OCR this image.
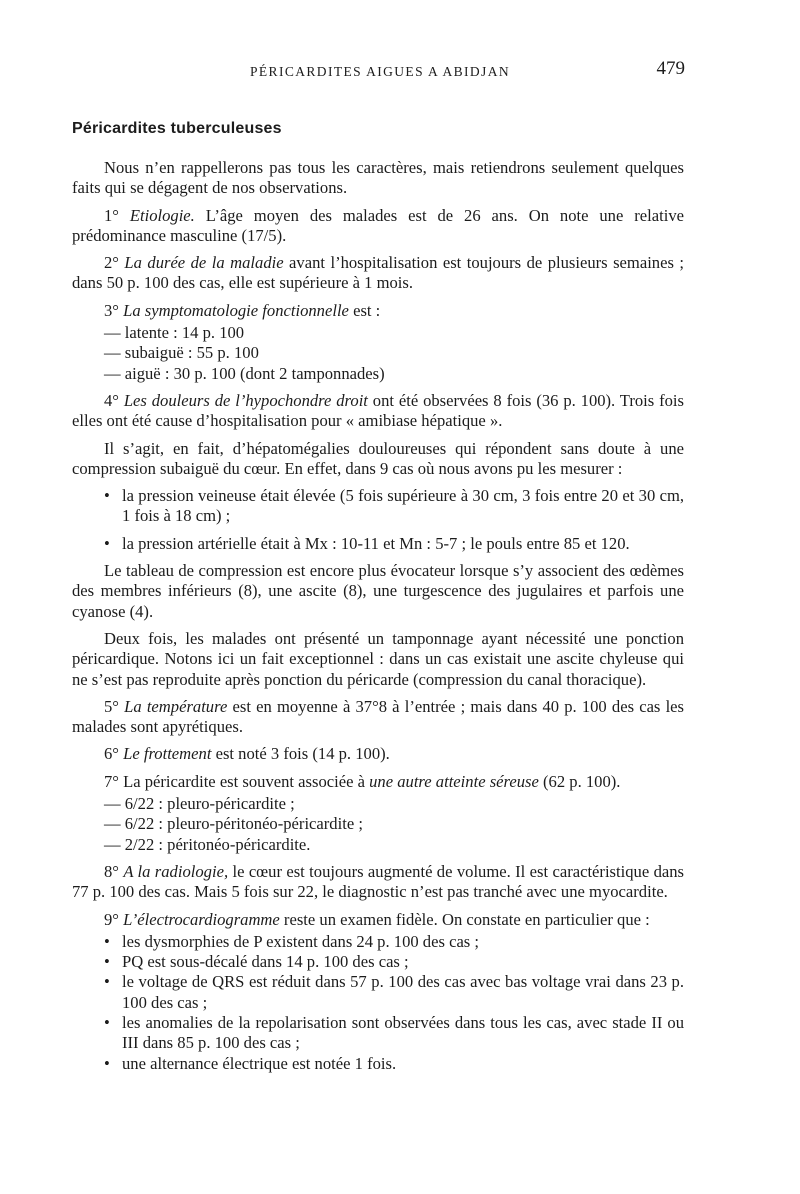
PÉRICARDITES AIGUES A ABIDJAN	479
Péricardites tuberculeuses

Nous n’en rappellerons pas tous les caractères, mais retiendrons seulement quelques faits qui se dégagent de nos observations.

1° Etiologie. L’âge moyen des malades est de 26 ans. On note une relative prédominance masculine (17/5).

2° La durée de la maladie avant l’hospitalisation est toujours de plusieurs semaines ; dans 50 p. 100 des cas, elle est supérieure à 1 mois.

3° La symptomatologie fonctionnelle est :

— latente : 14 p. 100
— subaiguë : 55 p. 100
— aiguë : 30 p. 100 (dont 2 tamponnades)

4° Les douleurs de l’hypochondre droit ont été observées 8 fois (36 p. 100). Trois fois elles ont été cause d’hospitalisation pour « amibiase hépatique ».

Il s’agit, en fait, d’hépatomégalies douloureuses qui répondent sans doute à une compression subaiguë du cœur. En effet, dans 9 cas où nous avons pu les mesurer :

• la pression veineuse était élevée (5 fois supérieure à 30 cm, 3 fois entre 20 et 30 cm, 1 fois à 18 cm) ;
• la pression artérielle était à Mx : 10-11 et Mn : 5-7 ; le pouls entre 85 et 120.

Le tableau de compression est encore plus évocateur lorsque s’y associent des œdèmes des membres inférieurs (8), une ascite (8), une turgescence des jugulaires et parfois une cyanose (4).

Deux fois, les malades ont présenté un tamponnage ayant nécessité une ponction péricardique. Notons ici un fait exceptionnel : dans un cas existait une ascite chyleuse qui ne s’est pas reproduite après ponction du péricarde (compression du canal thoracique).

5° La température est en moyenne à 37°8 à l’entrée ; mais dans 40 p. 100 des cas les malades sont apyrétiques.

6° Le frottement est noté 3 fois (14 p. 100).

7° La péricardite est souvent associée à une autre atteinte séreuse (62 p. 100).

— 6/22 : pleuro-péricardite ;
— 6/22 : pleuro-péritonéo-péricardite ;
— 2/22 : péritonéo-péricardite.

8° A la radiologie, le cœur est toujours augmenté de volume. Il est caractéristique dans 77 p. 100 des cas. Mais 5 fois sur 22, le diagnostic n’est pas tranché avec une myocardite.

9° L’électrocardiogramme reste un examen fidèle. On constate en particulier que :

• les dysmorphies de P existent dans 24 p. 100 des cas ;
• PQ est sous-décalé dans 14 p. 100 des cas ;
• le voltage de QRS est réduit dans 57 p. 100 des cas avec bas voltage vrai dans 23 p. 100 des cas ;
• les anomalies de la repolarisation sont observées dans tous les cas, avec stade II ou III dans 85 p. 100 des cas ;
• une alternance électrique est notée 1 fois.
